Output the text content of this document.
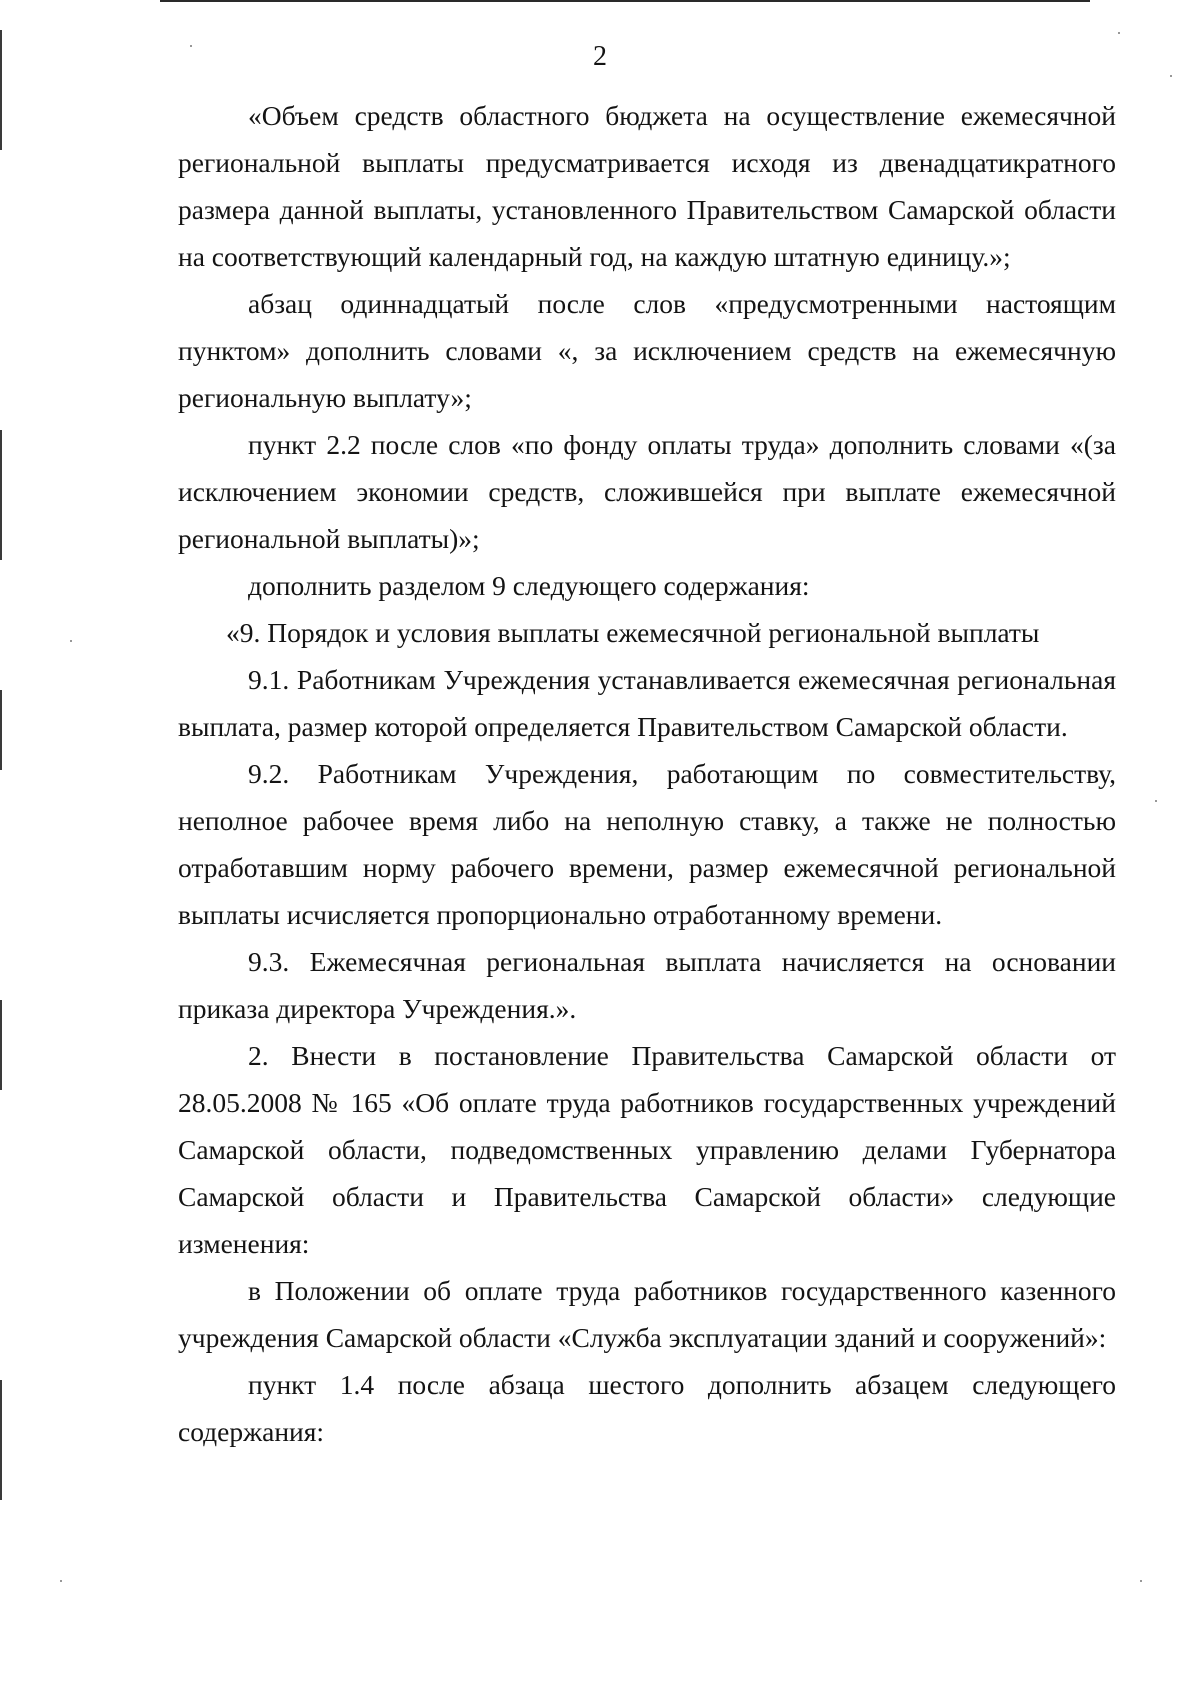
2

«Объем средств областного бюджета на осуществление ежемесячной региональной выплаты предусматривается исходя из двенадцатикратного размера данной выплаты, установленного Правительством Самарской области на соответствующий календарный год, на каждую штатную единицу.»;

абзац одиннадцатый после слов «предусмотренными настоящим пунктом» дополнить словами «, за исключением средств на ежемесячную региональную выплату»;

пункт 2.2 после слов «по фонду оплаты труда» дополнить словами «(за исключением экономии средств, сложившейся при выплате ежемесячной региональной выплаты)»;

дополнить разделом 9 следующего содержания:

«9. Порядок и условия выплаты ежемесячной региональной выплаты

9.1. Работникам Учреждения устанавливается ежемесячная региональная выплата, размер которой определяется Правительством Самарской области.

9.2. Работникам Учреждения, работающим по совместительству, неполное рабочее время либо на неполную ставку, а также не полностью отработавшим норму рабочего времени, размер ежемесячной региональной выплаты исчисляется пропорционально отработанному времени.

9.3. Ежемесячная региональная выплата начисляется на основании приказа директора Учреждения.».

2. Внести в постановление Правительства Самарской области от 28.05.2008 № 165 «Об оплате труда работников государственных учреждений Самарской области, подведомственных управлению делами Губернатора Самарской области и Правительства Самарской области» следующие изменения:

в Положении об оплате труда работников государственного казенного учреждения Самарской области «Служба эксплуатации зданий и сооружений»:

пункт 1.4 после абзаца шестого дополнить абзацем следующего содержания:
